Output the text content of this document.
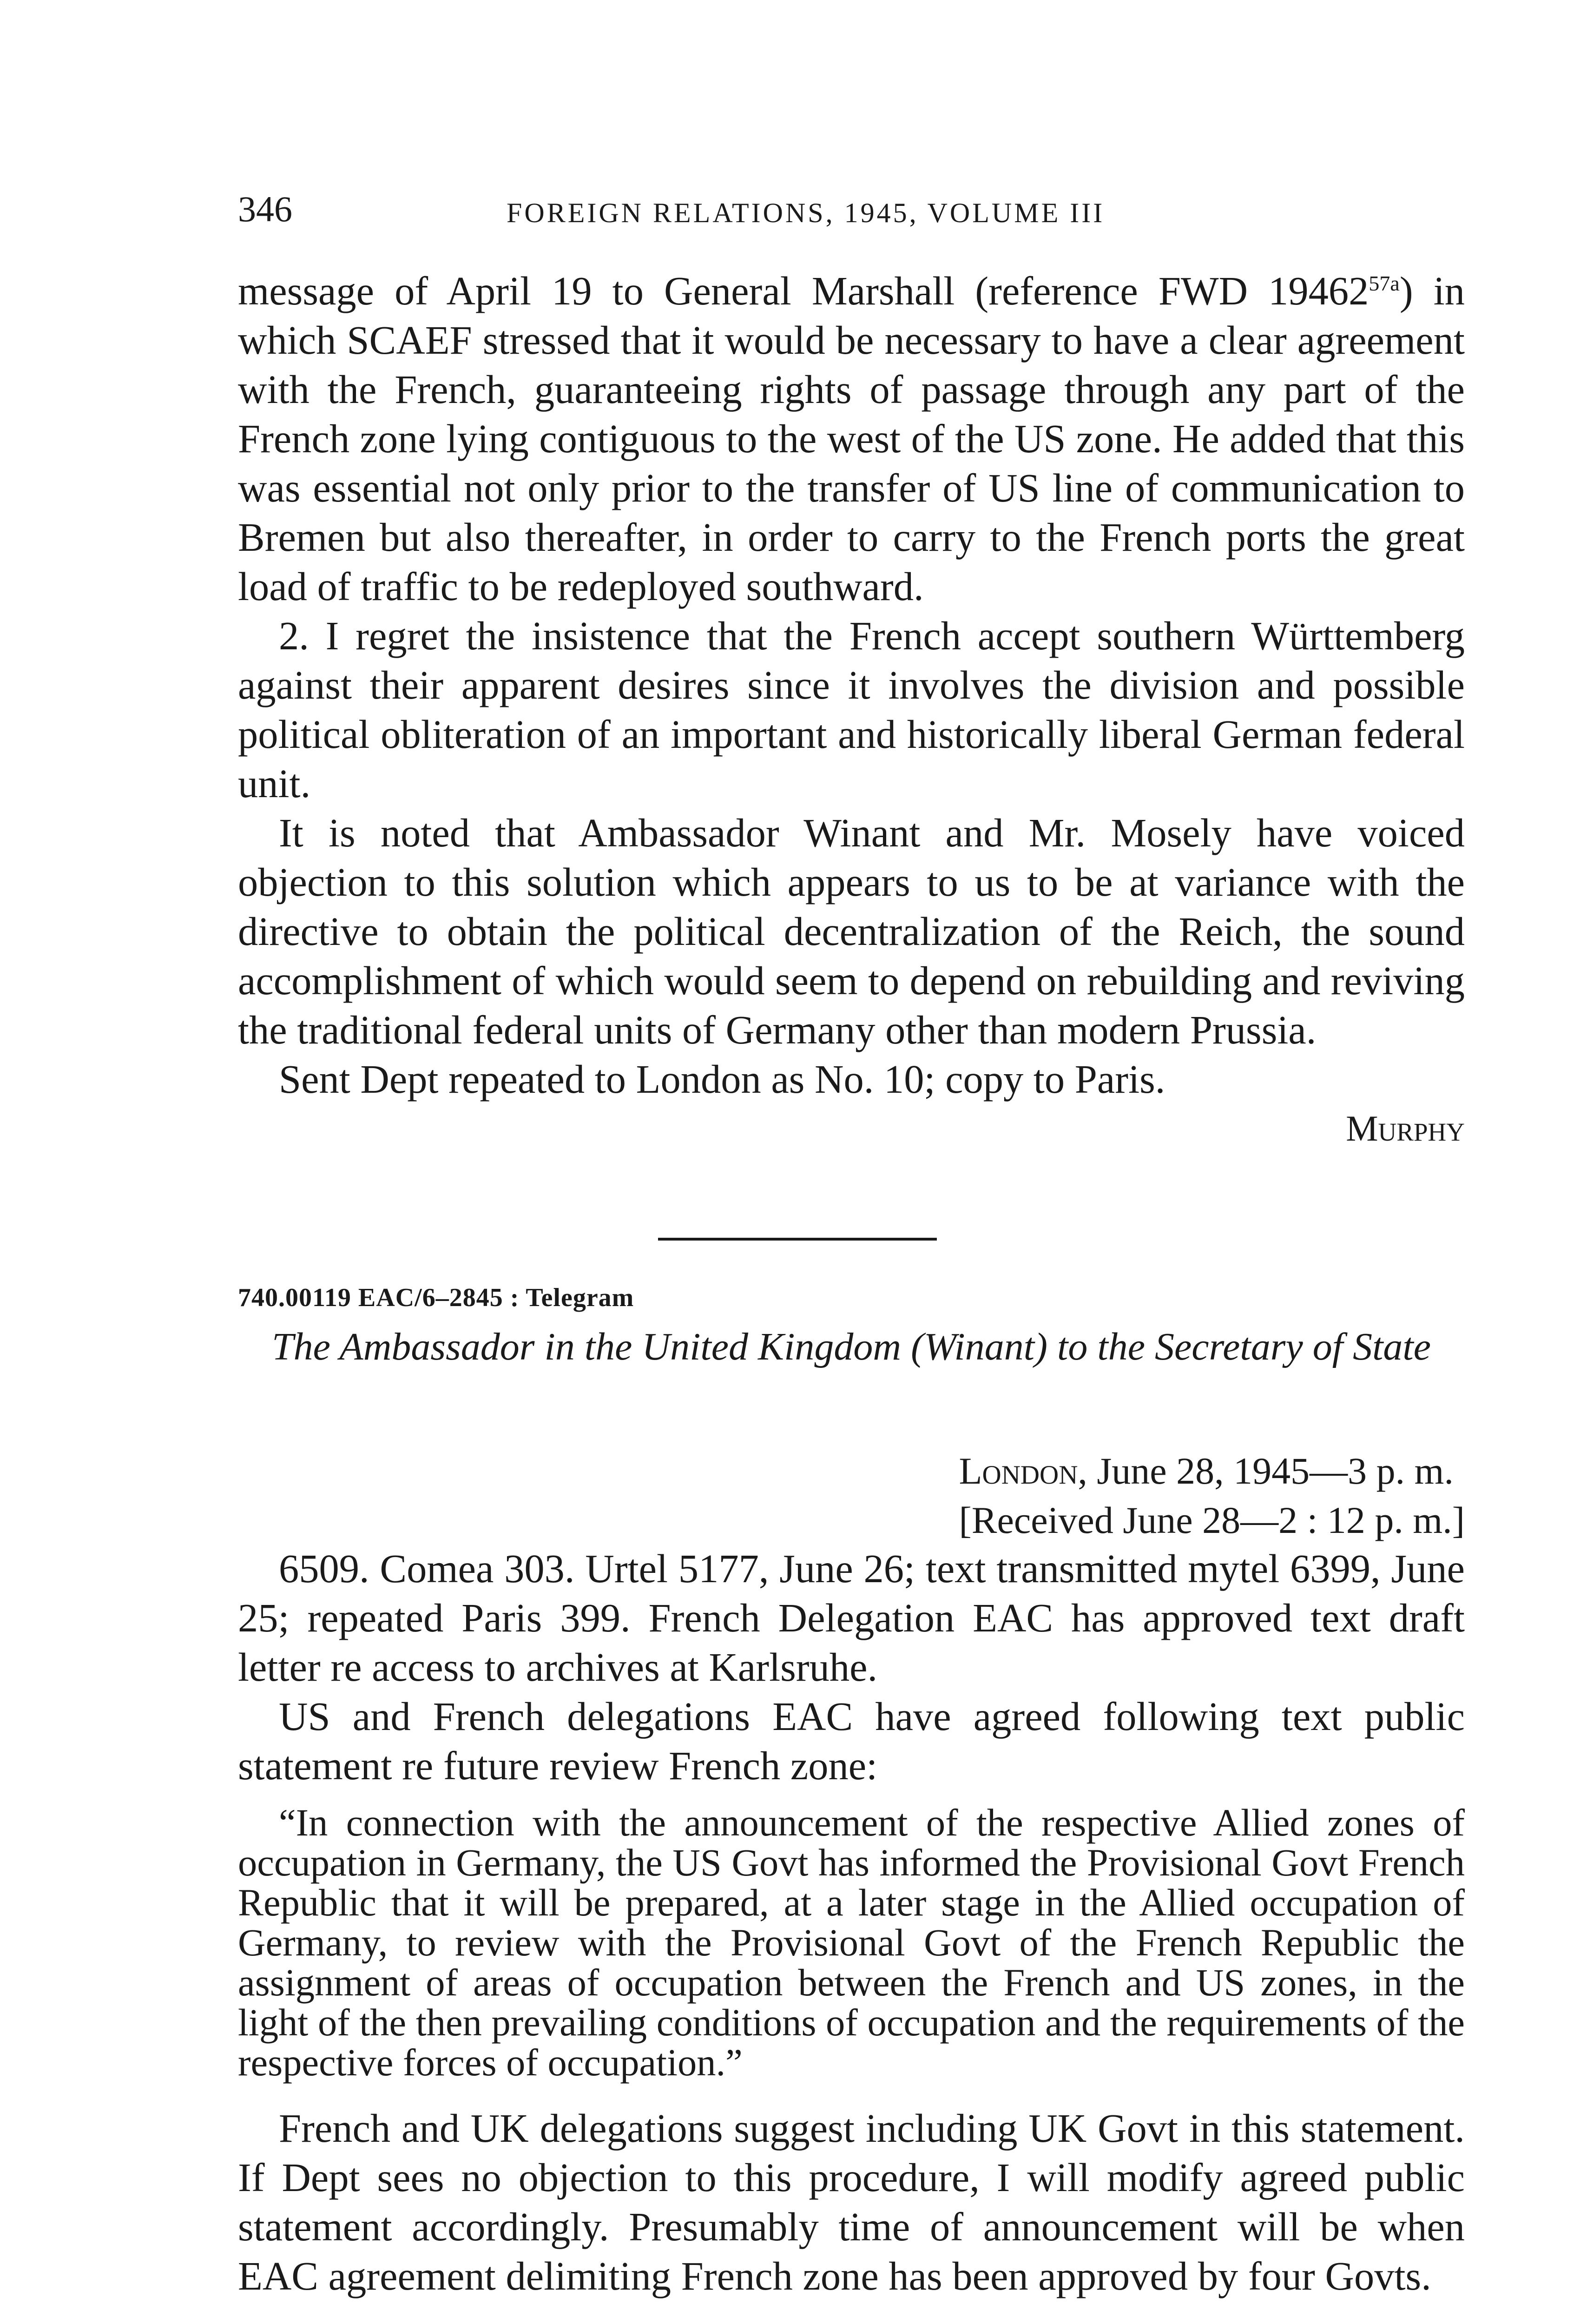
346	FOREIGN RELATIONS, 1945, VOLUME III

message of April 19 to General Marshall (reference FWD $19462^{57a}$) in which SCAEF stressed that it would be necessary to have a clear agreement with the French, guaranteeing rights of passage through any part of the French zone lying contiguous to the west of the US zone. He added that this was essential not only prior to the transfer of US line of communication to Bremen but also thereafter, in order to carry to the French ports the great load of traffic to be redeployed southward.

2. I regret the insistence that the French accept southern Württemberg against their apparent desires since it involves the division and possible political obliteration of an important and historically liberal German federal unit.

It is noted that Ambassador Winant and Mr. Mosely have voiced objection to this solution which appears to us to be at variance with the directive to obtain the political decentralization of the Reich, the sound accomplishment of which would seem to depend on rebuilding and reviving the traditional federal units of Germany other than modern Prussia.

Sent Dept repeated to London as No. 10; copy to Paris.

Murphy
740.00119 EAC/6–2845 : Telegram
The Ambassador in the United Kingdom (Winant) to the Secretary of State
London, June 28, 1945—3 p. m.
[Received June 28—2 : 12 p. m.]

6509. Comea 303. Urtel 5177, June 26; text transmitted mytel 6399, June 25; repeated Paris 399. French Delegation EAC has approved text draft letter re access to archives at Karlsruhe.

US and French delegations EAC have agreed following text public statement re future review French zone:

“In connection with the announcement of the respective Allied zones of occupation in Germany, the US Govt has informed the Provisional Govt French Republic that it will be prepared, at a later stage in the Allied occupation of Germany, to review with the Provisional Govt of the French Republic the assignment of areas of occupation between the French and US zones, in the light of the then prevailing conditions of occupation and the requirements of the respective forces of occupation.”

French and UK delegations suggest including UK Govt in this statement. If Dept sees no objection to this procedure, I will modify agreed public statement accordingly. Presumably time of announcement will be when EAC agreement delimiting French zone has been approved by four Govts.
